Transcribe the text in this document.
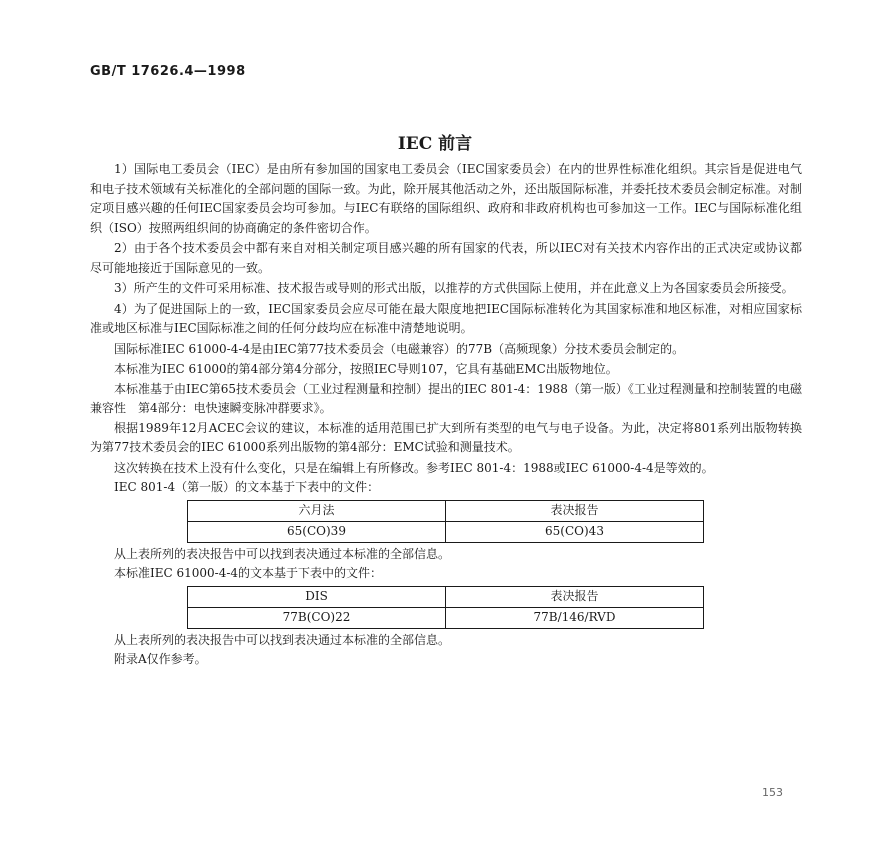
GB/T 17626.4—1998
IEC 前言

1）国际电工委员会（IEC）是由所有参加国的国家电工委员会（IEC国家委员会）在内的世界性标准化组织。其宗旨是促进电气和电子技术领域有关标准化的全部问题的国际一致。为此，除开展其他活动之外，还出版国际标准，并委托技术委员会制定标准。对制定项目感兴趣的任何IEC国家委员会均可参加。与IEC有联络的国际组织、政府和非政府机构也可参加这一工作。IEC与国际标准化组织（ISO）按照两组织间的协商确定的条件密切合作。

2）由于各个技术委员会中都有来自对相关制定项目感兴趣的所有国家的代表，所以IEC对有关技术内容作出的正式决定或协议都尽可能地接近于国际意见的一致。

3）所产生的文件可采用标准、技术报告或导则的形式出版，以推荐的方式供国际上使用，并在此意义上为各国家委员会所接受。

4）为了促进国际上的一致，IEC国家委员会应尽可能在最大限度地把IEC国际标准转化为其国家标准和地区标准，对相应国家标准或地区标准与IEC国际标准之间的任何分歧均应在标准中清楚地说明。

国际标准IEC 61000-4-4是由IEC第77技术委员会（电磁兼容）的77B（高频现象）分技术委员会制定的。

本标准为IEC 61000的第4部分第4分部分，按照IEC导则107，它具有基础EMC出版物地位。

本标准基于由IEC第65技术委员会（工业过程测量和控制）提出的IEC 801-4：1988（第一版）《工业过程测量和控制装置的电磁兼容性　第4部分：电快速瞬变脉冲群要求》。

根据1989年12月ACEC会议的建议，本标准的适用范围已扩大到所有类型的电气与电子设备。为此，决定将801系列出版物转换为第77技术委员会的IEC 61000系列出版物的第4部分：EMC试验和测量技术。

这次转换在技术上没有什么变化，只是在编辑上有所修改。参考IEC 801-4：1988或IEC 61000-4-4是等效的。

IEC 801-4（第一版）的文本基于下表中的文件：

六月法	表决报告
65(CO)39	65(CO)43

从上表所列的表决报告中可以找到表决通过本标准的全部信息。

本标准IEC 61000-4-4的文本基于下表中的文件：

DIS	表决报告
77B(CO)22	77B/146/RVD

从上表所列的表决报告中可以找到表决通过本标准的全部信息。

附录A仅作参考。

153
